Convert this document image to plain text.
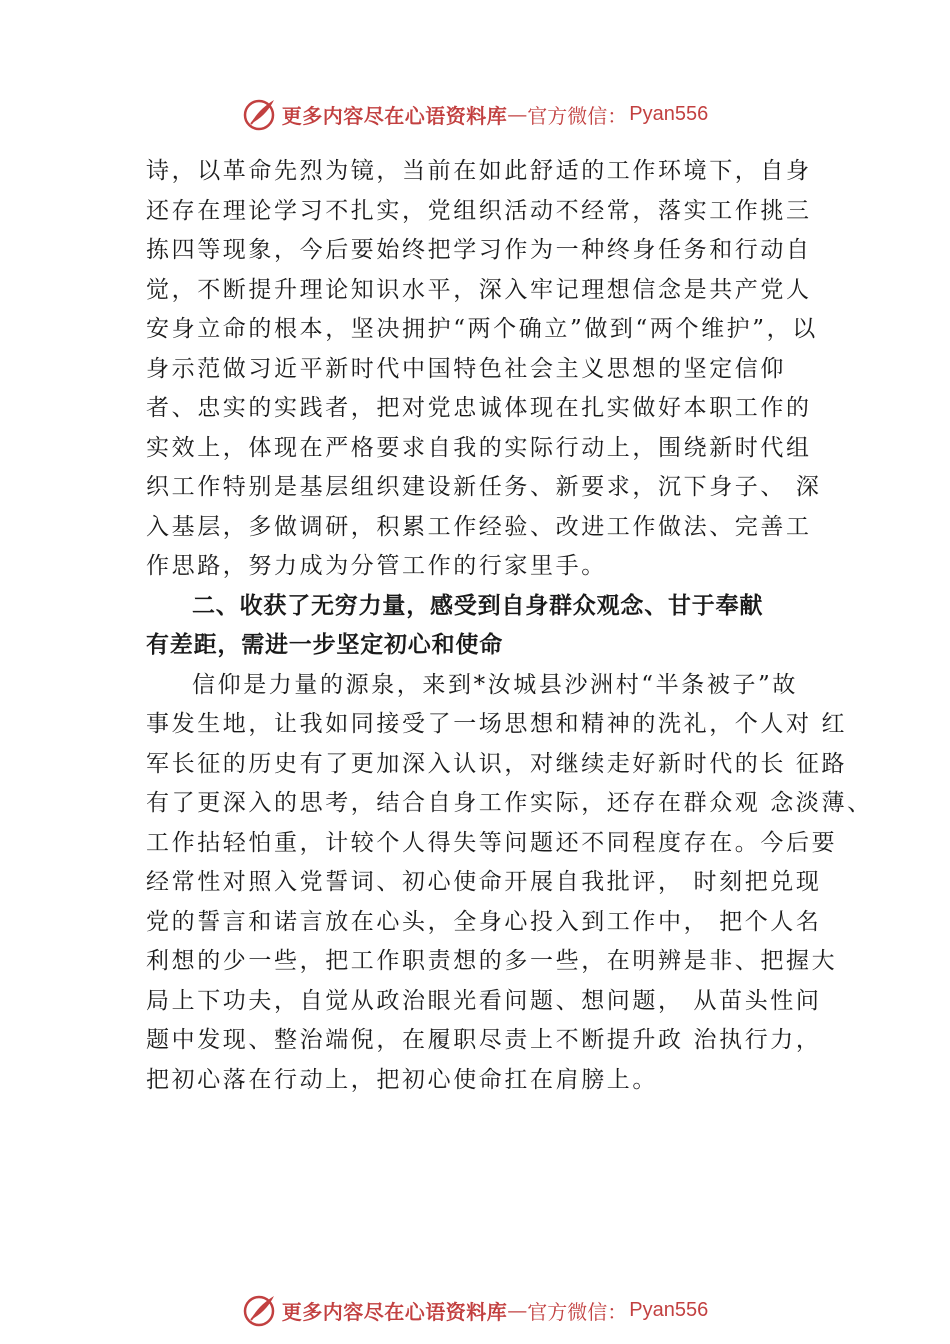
更多内容尽在心语资料库 — 官方微信： Pyan556
诗，以革命先烈为镜，当前在如此舒适的工作环境下，自身
还存在理论学习不扎实，党组织活动不经常，落实工作挑三
拣四等现象，今后要始终把学习作为一种终身任务和行动自
觉，不断提升理论知识水平，深入牢记理想信念是共产党人
安身立命的根本，坚决拥护“两个确立”做到“两个维护”，以
身示范做习近平新时代中国特色社会主义思想的坚定信仰
者、忠实的实践者，把对党忠诚体现在扎实做好本职工作的
实效上，体现在严格要求自我的实际行动上，围绕新时代组
织工作特别是基层组织建设新任务、新要求，沉下身子、 深
入基层，多做调研，积累工作经验、改进工作做法、完善工
作思路，努力成为分管工作的行家里手。
二、收获了无穷力量，感受到自身群众观念、甘于奉献
有差距，需进一步坚定初心和使命
信仰是力量的源泉，来到*汝城县沙洲村“半条被子”故
事发生地，让我如同接受了一场思想和精神的洗礼，个人对 红
军长征的历史有了更加深入认识，对继续走好新时代的长 征路
有了更深入的思考，结合自身工作实际，还存在群众观 念淡薄、
工作拈轻怕重，计较个人得失等问题还不同程度存在。今后要
经常性对照入党誓词、初心使命开展自我批评， 时刻把兑现
党的誓言和诺言放在心头，全身心投入到工作中， 把个人名
利想的少一些，把工作职责想的多一些，在明辨是非、把握大
局上下功夫，自觉从政治眼光看问题、想问题， 从苗头性问
题中发现、整治端倪，在履职尽责上不断提升政 治执行力，
把初心落在行动上，把初心使命扛在肩膀上。
更多内容尽在心语资料库 — 官方微信： Pyan556
